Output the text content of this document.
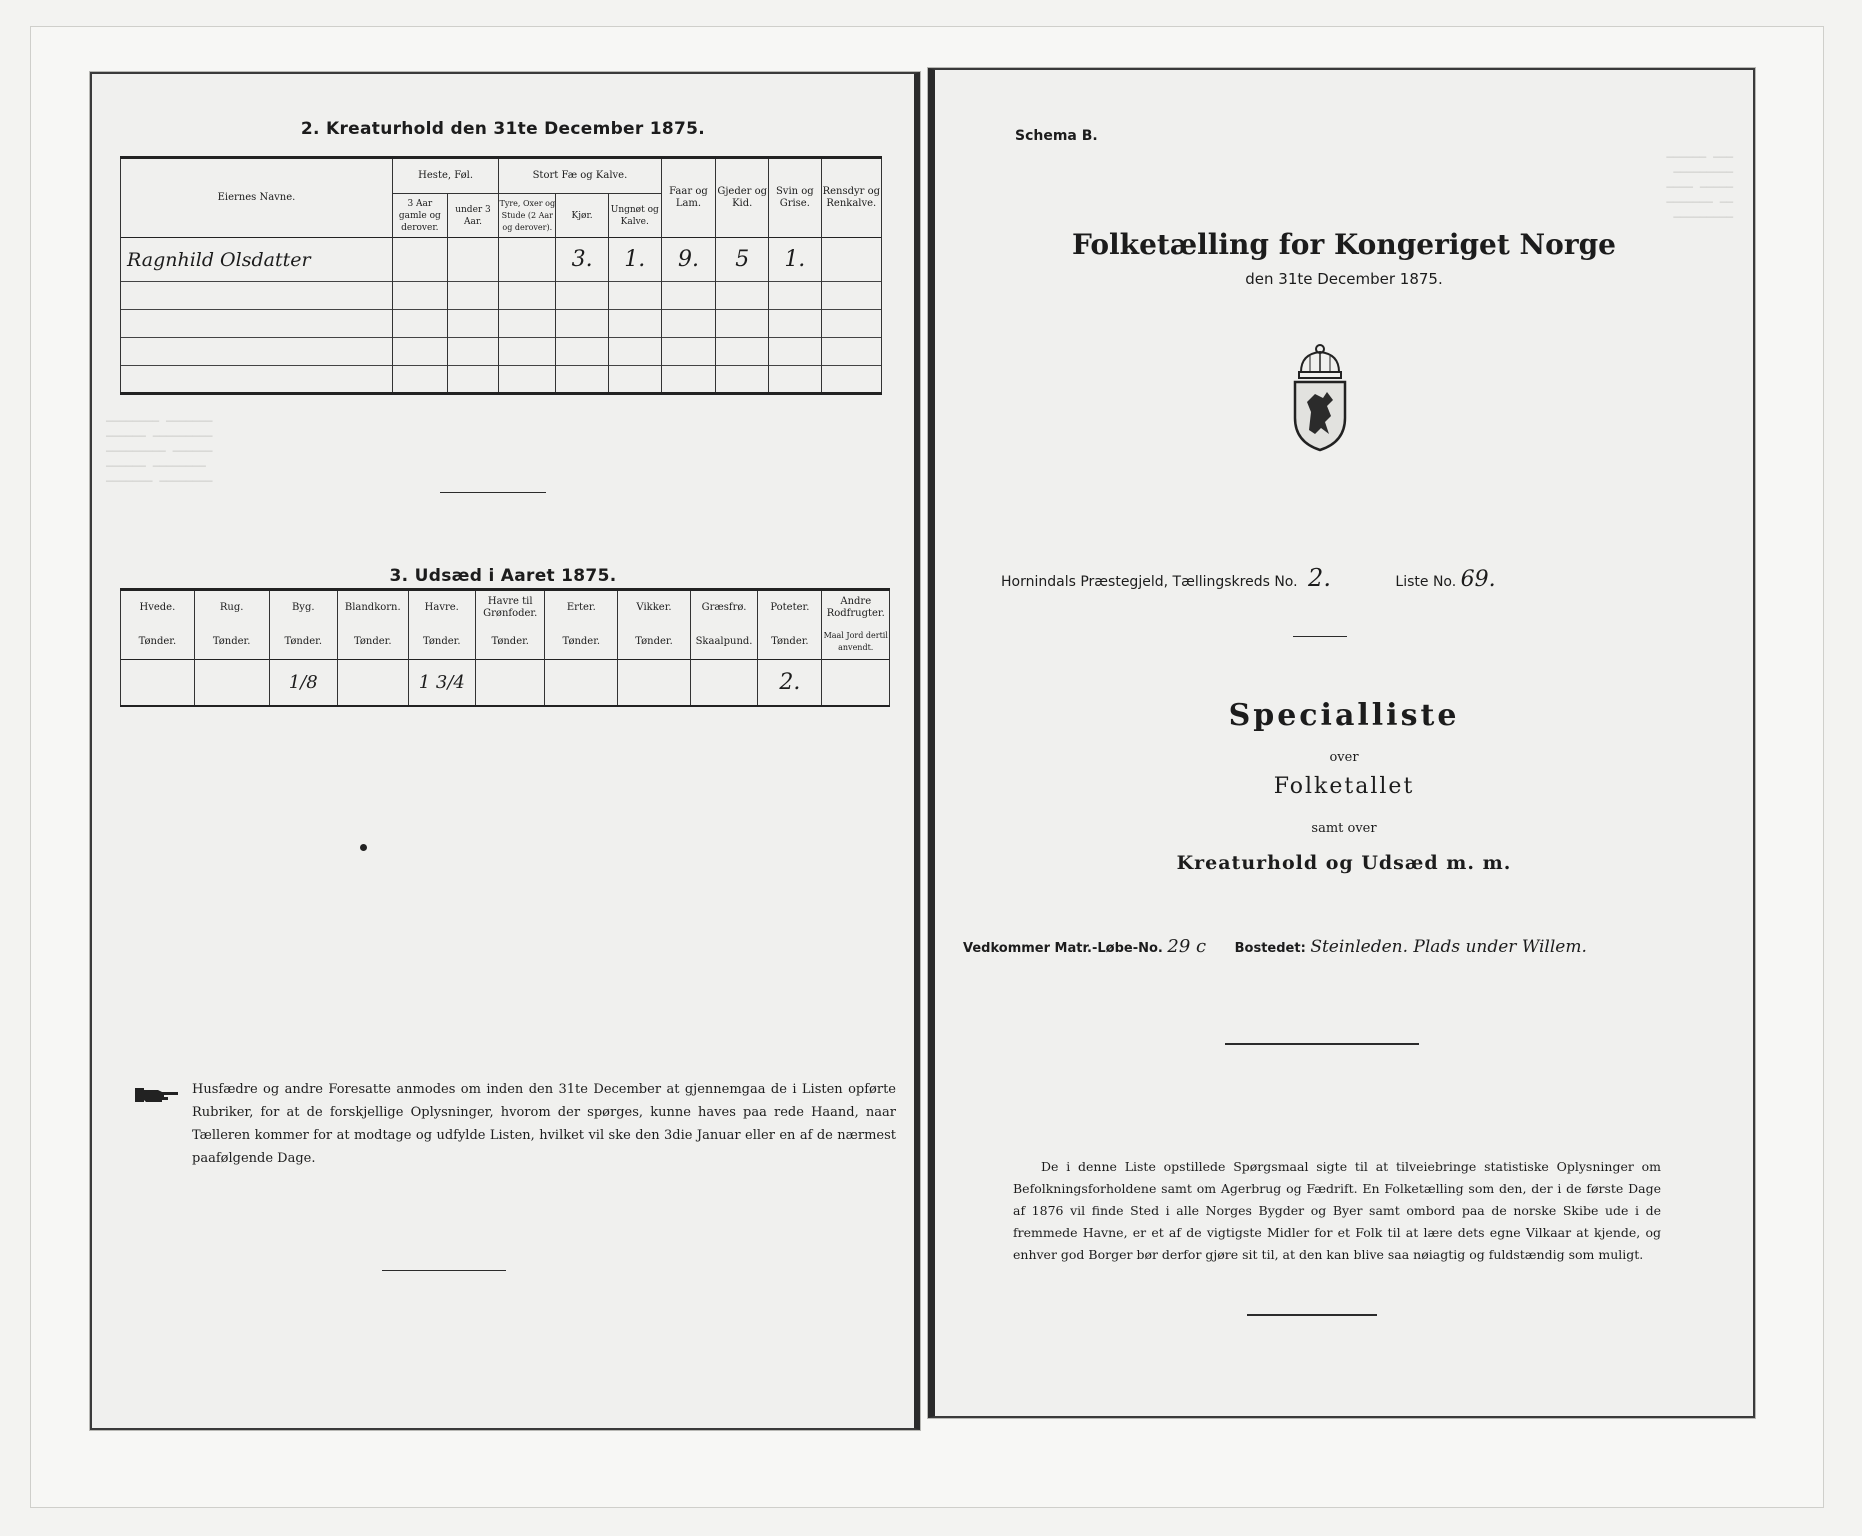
────────  ───────
──────  ─────────
─────────  ──────
──────  ────────
───────  ────────
2. Kreaturhold den 31te December 1875.
Eiernes Navne.	Heste, Føl.		Stort Fæ og Kalve.			Faar og Lam.	Gjeder og Kid.	Svin og Grise.	Rensdyr og Renkalve.
	3 Aar gamle og derover.	under 3 Aar.	Tyre, Oxer og Stude (2 Aar og derover).	Kjør.	Ungnøt og Kalve.				
Ragnhild Olsdatter				3.	1.	9.	5	1.	

3. Udsæd i Aaret 1875.
Hvede.	Rug.	Byg.	Blandkorn.	Havre.	Havre til Grønfoder.	Erter.	Vikker.	Græsfrø.	Poteter.	Andre Rodfrugter.
Tønder.	Tønder.	Tønder.	Tønder.	Tønder.	Tønder.	Tønder.	Tønder.	Skaalpund.	Tønder.	Maal Jord dertil anvendt.
		1/8		1 3/4					2.	
Husfædre og andre Foresatte anmodes om inden den 31te December at gjennemgaa de i Listen opførte Rubriker, for at de forskjellige Oplysninger, hvorom der spørges, kunne haves paa rede Haand, naar Tælleren kommer for at modtage og udfylde Listen, hvilket vil ske den 3die Januar eller en af de nærmest paafølgende Dage.
──────  ───
─────────
────  ─────
───────  ──
─────────
Schema B.
Folketælling for Kongeriget Norge
den 31te December 1875.
Hornindals Præstegjeld, Tællingskreds No. 2.	Liste No. 69.
Specialliste
over
Folketallet
samt over
Kreaturhold og Udsæd m. m.
Vedkommer Matr.-Løbe-No. 29 c Bostedet: Steinleden. Plads under Willem.
De i denne Liste opstillede Spørgsmaal sigte til at tilveiebringe statistiske Oplysninger om Befolkningsforholdene samt om Agerbrug og Fædrift. En Folketælling som den, der i de første Dage af 1876 vil finde Sted i alle Norges Bygder og Byer samt ombord paa de norske Skibe ude i de fremmede Havne, er et af de vigtigste Midler for et Folk til at lære dets egne Vilkaar at kjende, og enhver god Borger bør derfor gjøre sit til, at den kan blive saa nøiagtig og fuldstændig som muligt.
